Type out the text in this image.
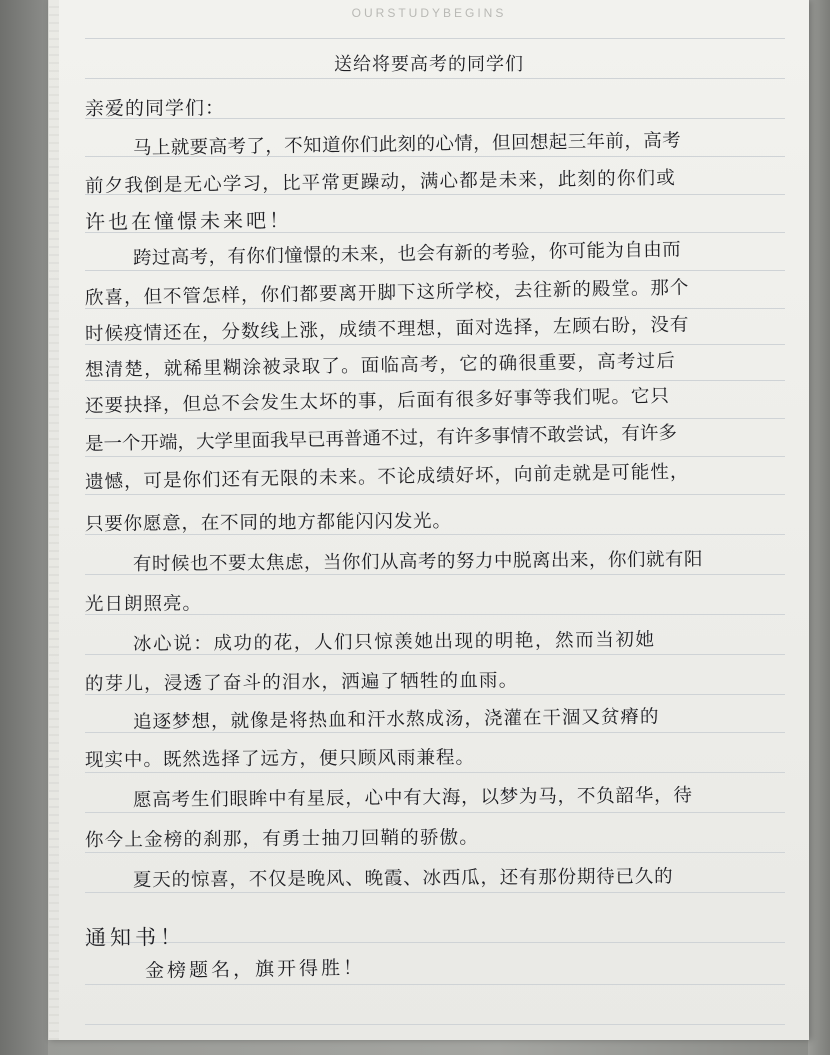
OURSTUDYBEGINS
送给将要高考的同学们
亲爱的同学们：
马上就要高考了，不知道你们此刻的心情，但回想起三年前，高考
前夕我倒是无心学习，比平常更躁动，满心都是未来，此刻的你们或
许也在憧憬未来吧！
跨过高考，有你们憧憬的未来，也会有新的考验，你可能为自由而
欣喜，但不管怎样，你们都要离开脚下这所学校，去往新的殿堂。那个
时候疫情还在，分数线上涨，成绩不理想，面对选择，左顾右盼，没有
想清楚，就稀里糊涂被录取了。面临高考，它的确很重要，高考过后
还要抉择，但总不会发生太坏的事，后面有很多好事等我们呢。它只
是一个开端，大学里面我早已再普通不过，有许多事情不敢尝试，有许多
遗憾，可是你们还有无限的未来。不论成绩好坏，向前走就是可能性，
只要你愿意，在不同的地方都能闪闪发光。
有时候也不要太焦虑，当你们从高考的努力中脱离出来，你们就有阳
光日朗照亮。
冰心说：成功的花，人们只惊羡她出现的明艳，然而当初她
的芽儿，浸透了奋斗的泪水，洒遍了牺牲的血雨。
追逐梦想，就像是将热血和汗水熬成汤，浇灌在干涸又贫瘠的
现实中。既然选择了远方，便只顾风雨兼程。
愿高考生们眼眸中有星辰，心中有大海，以梦为马，不负韶华，待
你今上金榜的刹那，有勇士抽刀回鞘的骄傲。
夏天的惊喜，不仅是晚风、晚霞、冰西瓜，还有那份期待已久的
通知书！
金榜题名，旗开得胜！
